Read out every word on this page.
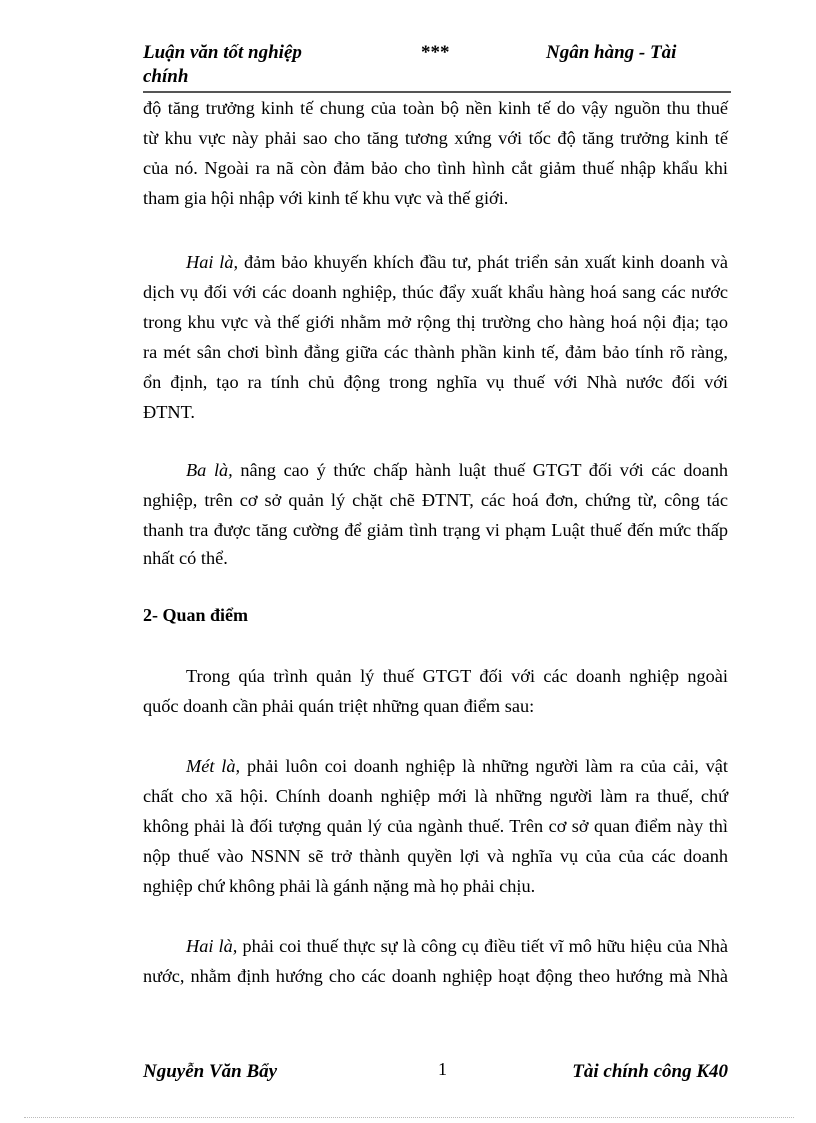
Luận văn tốt nghiệp
chính
***	Ngân hàng - Tài
độ tăng trưởng kinh tế chung của toàn bộ nền kinh tế do vậy nguồn thu thuế
từ khu vực này phải sao cho tăng tương xứng với tốc độ tăng trưởng kinh tế
của nó. Ngoài ra nã còn đảm bảo cho tình hình cắt giảm thuế nhập khẩu khi
tham gia hội nhập với kinh tế khu vực và thế giới.
Hai là, đảm bảo khuyến khích đầu tư, phát triển sản xuất kinh doanh và
dịch vụ đối với các doanh nghiệp, thúc đẩy xuất khẩu hàng hoá sang các nước
trong khu vực và thế giới nhằm mở rộng thị trường cho hàng hoá nội địa; tạo
ra mét sân chơi bình đẳng giữa các thành phần kinh tế, đảm bảo tính rõ ràng,
ổn định, tạo ra tính chủ động trong nghĩa vụ thuế với Nhà nước đối với
ĐTNT.
Ba là, nâng cao ý thức chấp hành luật thuế GTGT đối với các doanh
nghiệp, trên cơ sở quản lý chặt chẽ ĐTNT, các hoá đơn, chứng từ, công tác
thanh tra được tăng cường để giảm tình trạng vi phạm Luật thuế đến mức thấp
nhất có thể.
2- Quan điểm
Trong qúa trình quản lý thuế GTGT đối với các doanh nghiệp ngoài
quốc doanh cần phải quán triệt những quan điểm sau:
Mét là, phải luôn coi doanh nghiệp là những người làm ra của cải, vật
chất cho xã hội. Chính doanh nghiệp mới là những người làm ra thuế, chứ
không phải là đối tượng quản lý của ngành thuế. Trên cơ sở quan điểm này thì
nộp thuế vào NSNN sẽ trở thành quyền lợi và nghĩa vụ của của các doanh
nghiệp chứ không phải là gánh nặng mà họ phải chịu.
Hai là, phải coi thuế thực sự là công cụ điều tiết vĩ mô hữu hiệu của Nhà
nước, nhằm định hướng cho các doanh nghiệp hoạt động theo hướng mà Nhà
Nguyễn Văn Bẩy	1	Tài chính công K40
